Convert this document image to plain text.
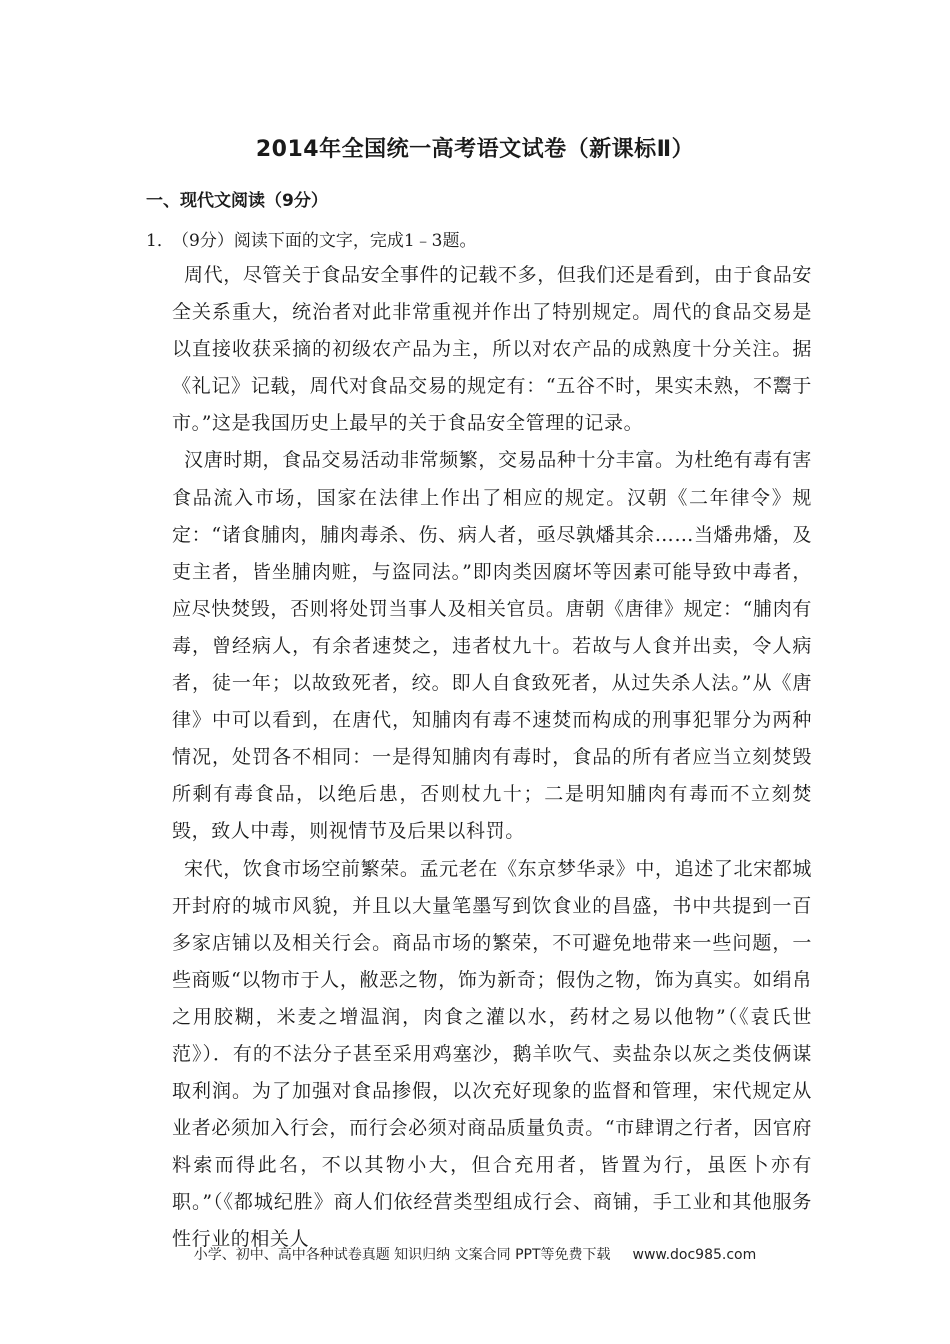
2014年全国统一高考语文试卷（新课标Ⅱ）
一、现代文阅读（9分）
1．（9分）阅读下面的文字，完成1﹣3题。

周代，尽管关于食品安全事件的记载不多，但我们还是看到，由于食品安全关系重大，统治者对此非常重视并作出了特别规定。周代的食品交易是以直接收获采摘的初级农产品为主，所以对农产品的成熟度十分关注。据《礼记》记载，周代对食品交易的规定有：“五谷不时，果实未熟，不鬻于市。”这是我国历史上最早的关于食品安全管理的记录。

汉唐时期，食品交易活动非常频繁，交易品种十分丰富。为杜绝有毒有害食品流入市场，国家在法律上作出了相应的规定。汉朝《二年律令》规定：“诸食脯肉，脯肉毒杀、伤、病人者，亟尽孰燔其余……当燔弗燔，及吏主者，皆坐脯肉赃，与盗同法。”即肉类因腐坏等因素可能导致中毒者，应尽快焚毁，否则将处罚当事人及相关官员。唐朝《唐律》规定：“脯肉有毒，曾经病人，有余者速焚之，违者杖九十。若故与人食并出卖，令人病者，徒一年；以故致死者，绞。即人自食致死者，从过失杀人法。”从《唐律》中可以看到，在唐代，知脯肉有毒不速焚而构成的刑事犯罪分为两种情况，处罚各不相同：一是得知脯肉有毒时，食品的所有者应当立刻焚毁所剩有毒食品，以绝后患，否则杖九十；二是明知脯肉有毒而不立刻焚毁，致人中毒，则视情节及后果以科罚。

宋代，饮食市场空前繁荣。孟元老在《东京梦华录》中，追述了北宋都城开封府的城市风貌，并且以大量笔墨写到饮食业的昌盛，书中共提到一百多家店铺以及相关行会。商品市场的繁荣，不可避免地带来一些问题，一些商贩“以物市于人，敝恶之物，饰为新奇；假伪之物，饰为真实。如绢帛之用胶糊，米麦之增温润，肉食之灌以水，药材之易以他物”（《袁氏世范》）．有的不法分子甚至采用鸡塞沙，鹅羊吹气、卖盐杂以灰之类伎俩谋取利润。为了加强对食品掺假，以次充好现象的监督和管理，宋代规定从业者必须加入行会，而行会必须对商品质量负责。“市肆谓之行者，因官府料索而得此名，不以其物小大，但合充用者，皆置为行，虽医卜亦有职。”（《都城纪胜》商人们依经营类型组成行会、商铺，手工业和其他服务性行业的相关人

小学、初中、高中各种试卷真题 知识归纳 文案合同 PPT等免费下载 www.doc985.com
